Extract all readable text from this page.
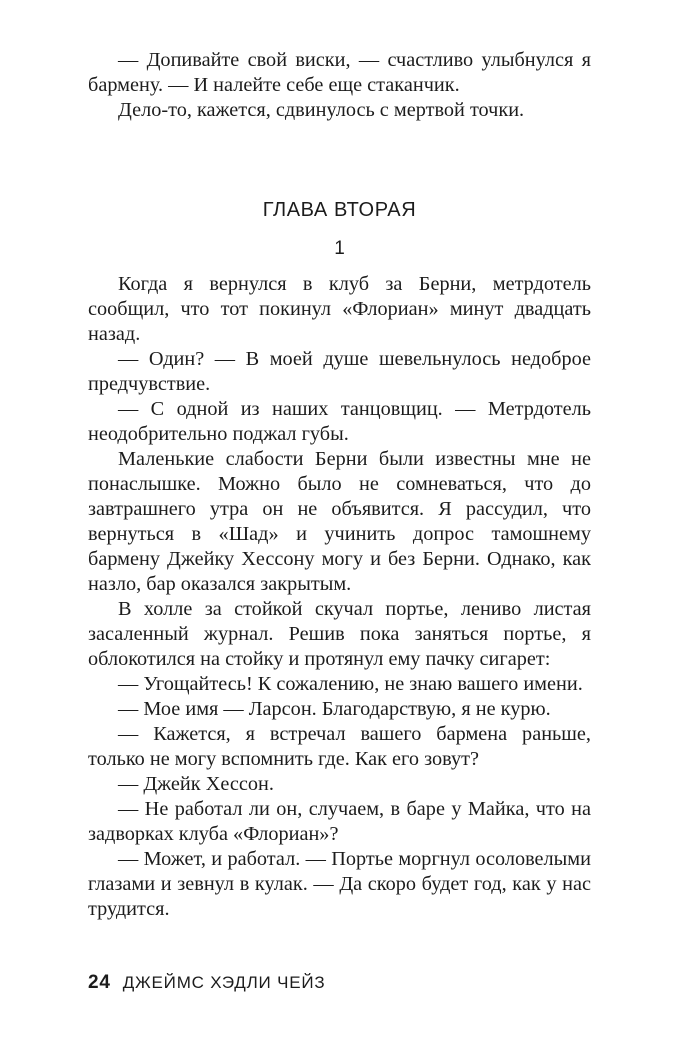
— Допивайте свой виски, — счастливо улыбнулся я бармену. — И налейте себе еще стаканчик.

Дело-то, кажется, сдвинулось с мертвой точки.

ГЛАВА ВТОРАЯ
1

Когда я вернулся в клуб за Берни, метрдотель сообщил, что тот покинул «Флориан» минут двадцать назад.

— Один? — В моей душе шевельнулось недоброе предчувствие.

— С одной из наших танцовщиц. — Метрдотель неодобрительно поджал губы.

Маленькие слабости Берни были известны мне не понаслышке. Можно было не сомневаться, что до завтрашнего утра он не объявится. Я рассудил, что вернуться в «Шад» и учинить допрос тамошнему бармену Джейку Хессону могу и без Берни. Однако, как назло, бар оказался закрытым.

В холле за стойкой скучал портье, лениво листая засаленный журнал. Решив пока заняться портье, я облокотился на стойку и протянул ему пачку сигарет:

— Угощайтесь! К сожалению, не знаю вашего имени.

— Мое имя — Ларсон. Благодарствую, я не курю.

— Кажется, я встречал вашего бармена раньше, только не могу вспомнить где. Как его зовут?

— Джейк Хессон.

— Не работал ли он, случаем, в баре у Майка, что на задворках клуба «Флориан»?

— Может, и работал. — Портье моргнул осоловелыми глазами и зевнул в кулак. — Да скоро будет год, как у нас трудится.

24 ДЖЕЙМС ХЭДЛИ ЧЕЙЗ
